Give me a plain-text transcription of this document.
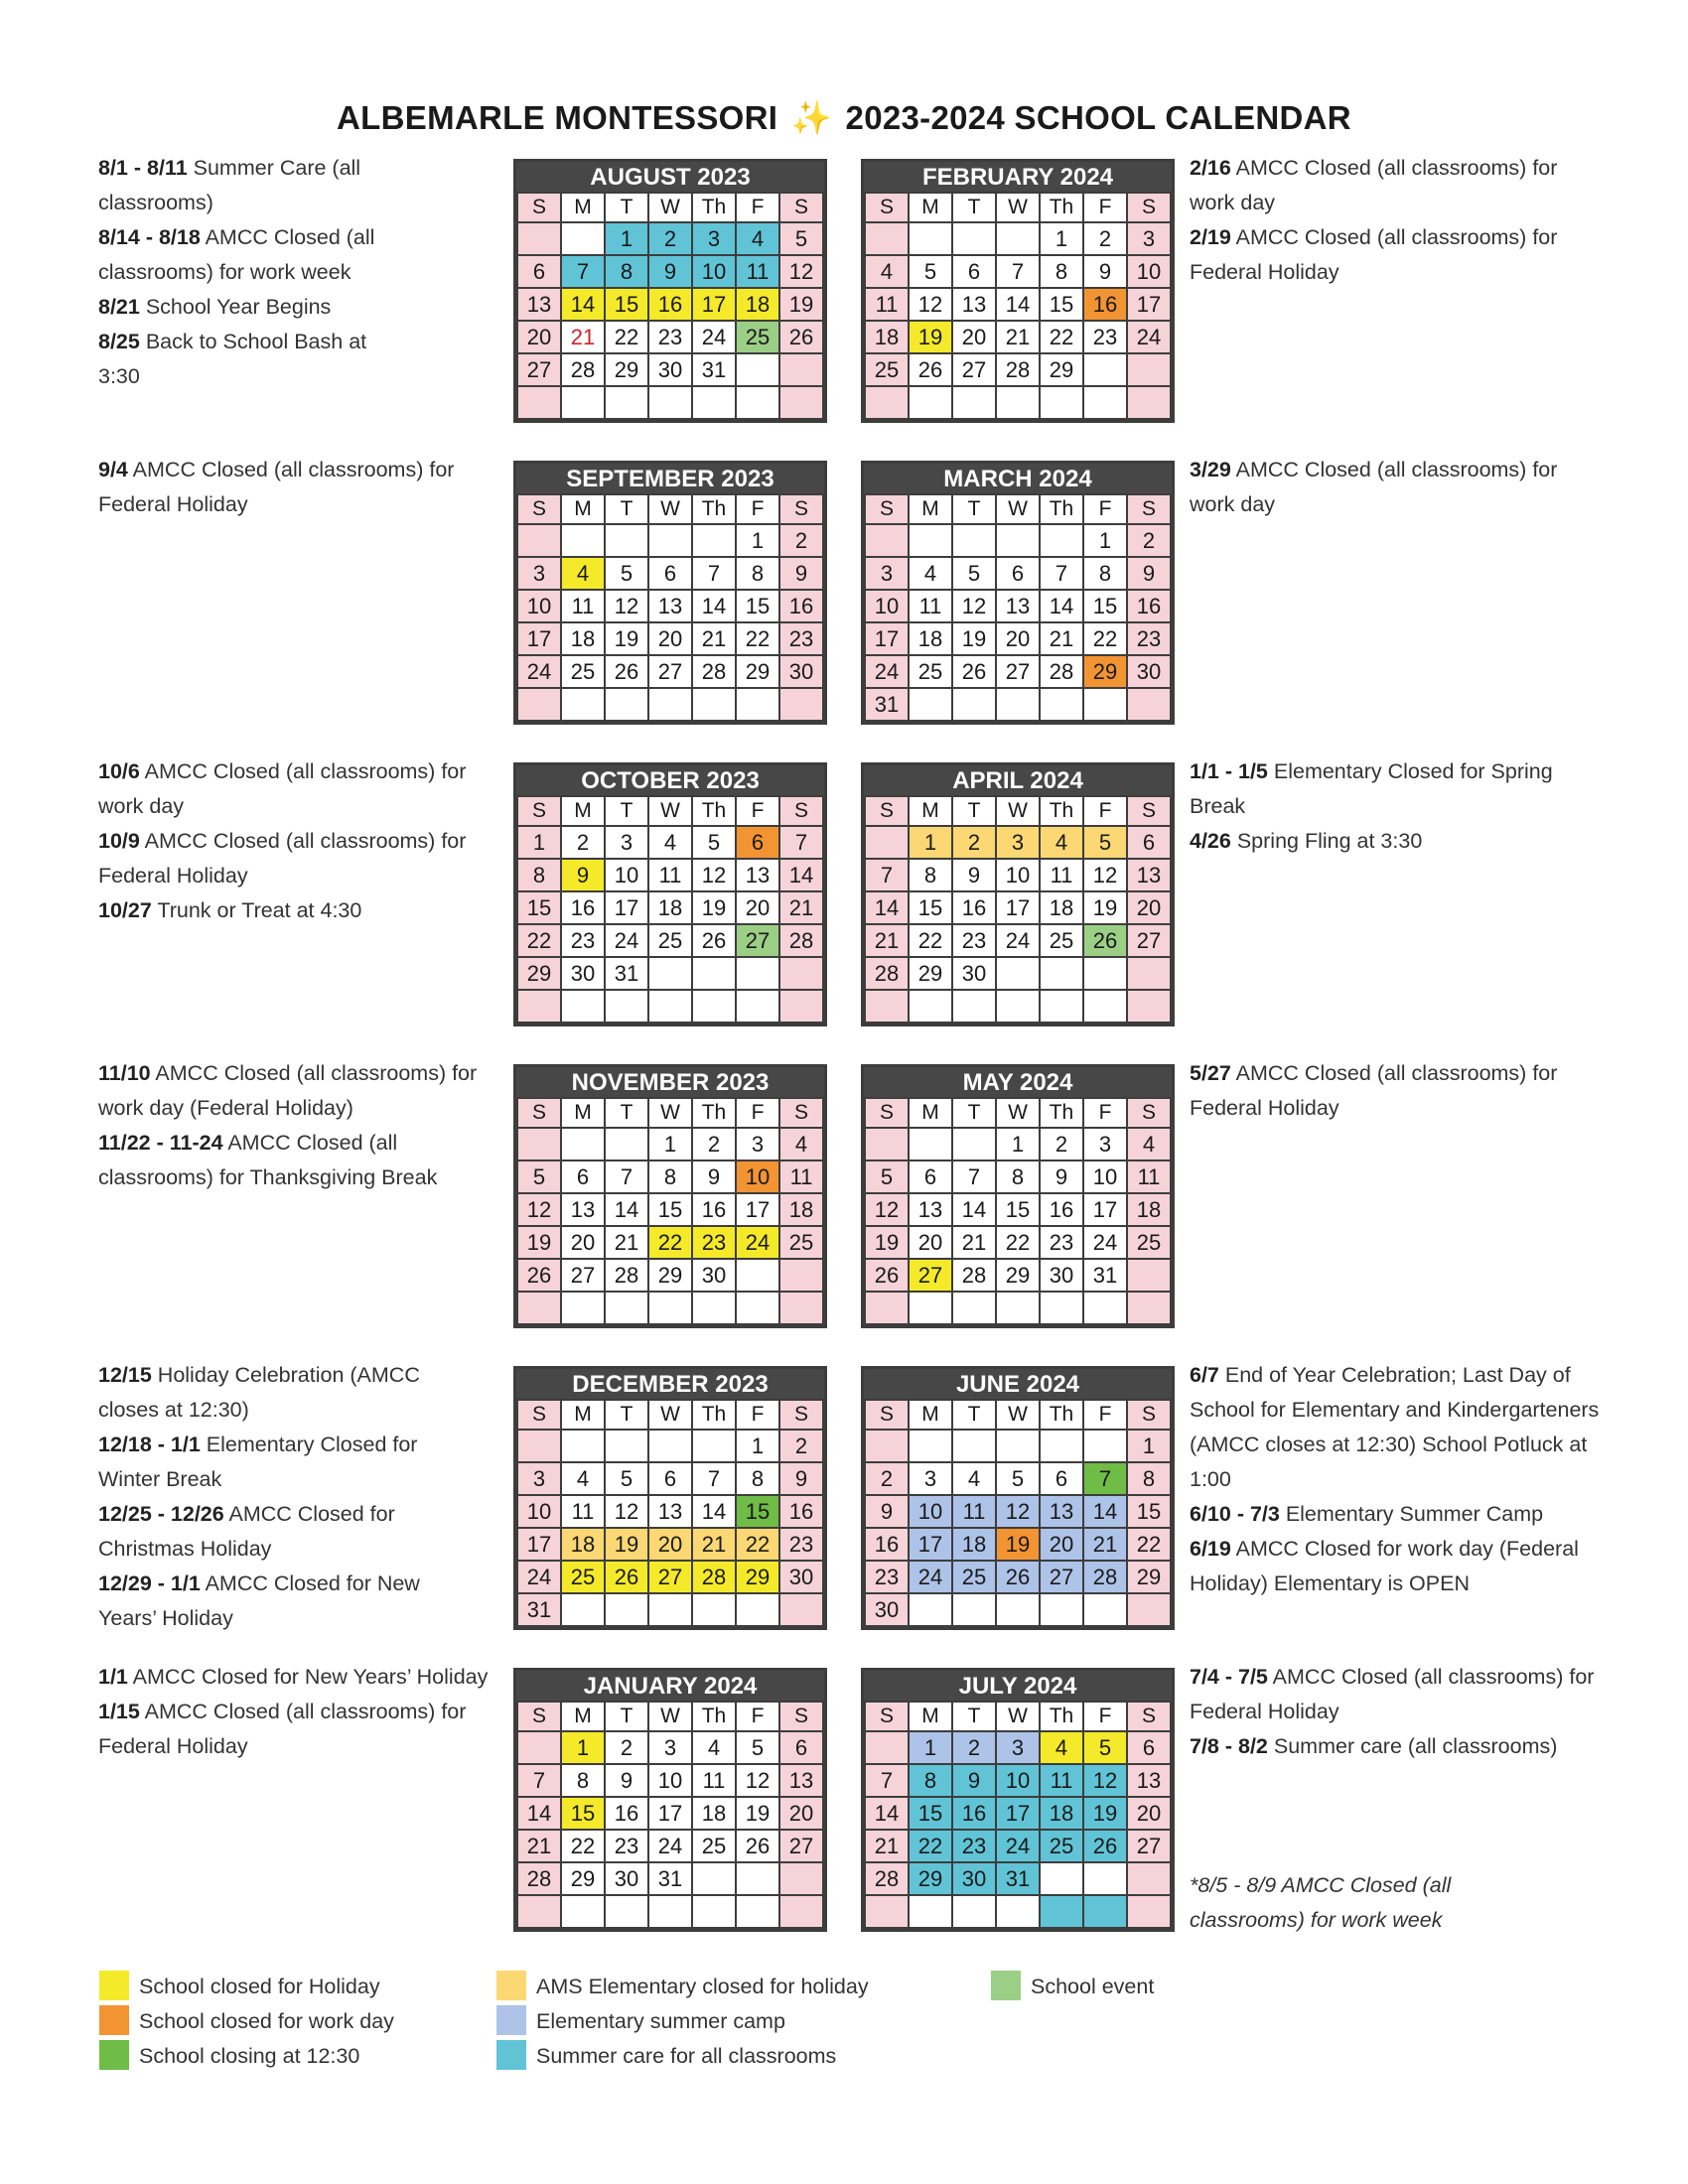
ALBEMARLE MONTESSORI ✨ 2023-2024 SCHOOL CALENDAR
AUGUST 2023
S	M	T	W	Th	F	S
		1	2	3	4	5
6	7	8	9	10	11	12
13	14	15	16	17	18	19
20	21	22	23	24	25	26
27	28	29	30	31		

FEBRUARY 2024
S	M	T	W	Th	F	S
				1	2	3
4	5	6	7	8	9	10
11	12	13	14	15	16	17
18	19	20	21	22	23	24
25	26	27	28	29		

SEPTEMBER 2023
S	M	T	W	Th	F	S
					1	2
3	4	5	6	7	8	9
10	11	12	13	14	15	16
17	18	19	20	21	22	23
24	25	26	27	28	29	30

MARCH 2024
S	M	T	W	Th	F	S
					1	2
3	4	5	6	7	8	9
10	11	12	13	14	15	16
17	18	19	20	21	22	23
24	25	26	27	28	29	30
31						
OCTOBER 2023
S	M	T	W	Th	F	S
1	2	3	4	5	6	7
8	9	10	11	12	13	14
15	16	17	18	19	20	21
22	23	24	25	26	27	28
29	30	31				

APRIL 2024
S	M	T	W	Th	F	S
	1	2	3	4	5	6
7	8	9	10	11	12	13
14	15	16	17	18	19	20
21	22	23	24	25	26	27
28	29	30				

NOVEMBER 2023
S	M	T	W	Th	F	S
			1	2	3	4
5	6	7	8	9	10	11
12	13	14	15	16	17	18
19	20	21	22	23	24	25
26	27	28	29	30		

MAY 2024
S	M	T	W	Th	F	S
			1	2	3	4
5	6	7	8	9	10	11
12	13	14	15	16	17	18
19	20	21	22	23	24	25
26	27	28	29	30	31	

DECEMBER 2023
S	M	T	W	Th	F	S
					1	2
3	4	5	6	7	8	9
10	11	12	13	14	15	16
17	18	19	20	21	22	23
24	25	26	27	28	29	30
31						
JUNE 2024
S	M	T	W	Th	F	S
						1
2	3	4	5	6	7	8
9	10	11	12	13	14	15
16	17	18	19	20	21	22
23	24	25	26	27	28	29
30						
JANUARY 2024
S	M	T	W	Th	F	S
	1	2	3	4	5	6
7	8	9	10	11	12	13
14	15	16	17	18	19	20
21	22	23	24	25	26	27
28	29	30	31			

JULY 2024
S	M	T	W	Th	F	S
	1	2	3	4	5	6
7	8	9	10	11	12	13
14	15	16	17	18	19	20
21	22	23	24	25	26	27
28	29	30	31			

8/1 - 8/11 Summer Care (all classrooms)

8/14 - 8/18 AMCC Closed (all classrooms) for work week

8/21 School Year Begins

8/25 Back to School Bash at 3:30

9/4 AMCC Closed (all classrooms) for Federal Holiday

10/6 AMCC Closed (all classrooms) for work day

10/9 AMCC Closed (all classrooms) for Federal Holiday

10/27 Trunk or Treat at 4:30

11/10 AMCC Closed (all classrooms) for work day (Federal Holiday)

11/22 - 11-24 AMCC Closed (all classrooms) for Thanksgiving Break

12/15 Holiday Celebration (AMCC closes at 12:30)

12/18 - 1/1 Elementary Closed for Winter Break

12/25 - 12/26 AMCC Closed for Christmas Holiday

12/29 - 1/1 AMCC Closed for New Years’ Holiday

1/1 AMCC Closed for New Years’ Holiday

1/15 AMCC Closed (all classrooms) for Federal Holiday

2/16 AMCC Closed (all classrooms) for work day

2/19 AMCC Closed (all classrooms) for Federal Holiday

3/29 AMCC Closed (all classrooms) for work day

1/1 - 1/5 Elementary Closed for Spring Break

4/26 Spring Fling at 3:30

5/27 AMCC Closed (all classrooms) for Federal Holiday

6/7 End of Year Celebration; Last Day of School for Elementary and Kindergarteners (AMCC closes at 12:30) School Potluck at 1:00

6/10 - 7/3 Elementary Summer Camp

6/19 AMCC Closed for work day (Federal Holiday) Elementary is OPEN

7/4 - 7/5 AMCC Closed (all classrooms) for Federal Holiday

7/8 - 8/2 Summer care (all classrooms)

*8/5 - 8/9 AMCC Closed (all classrooms) for work week

School closed for Holiday
School closed for work day
School closing at 12:30
AMS Elementary closed for holiday
Elementary summer camp
Summer care for all classrooms
School event
